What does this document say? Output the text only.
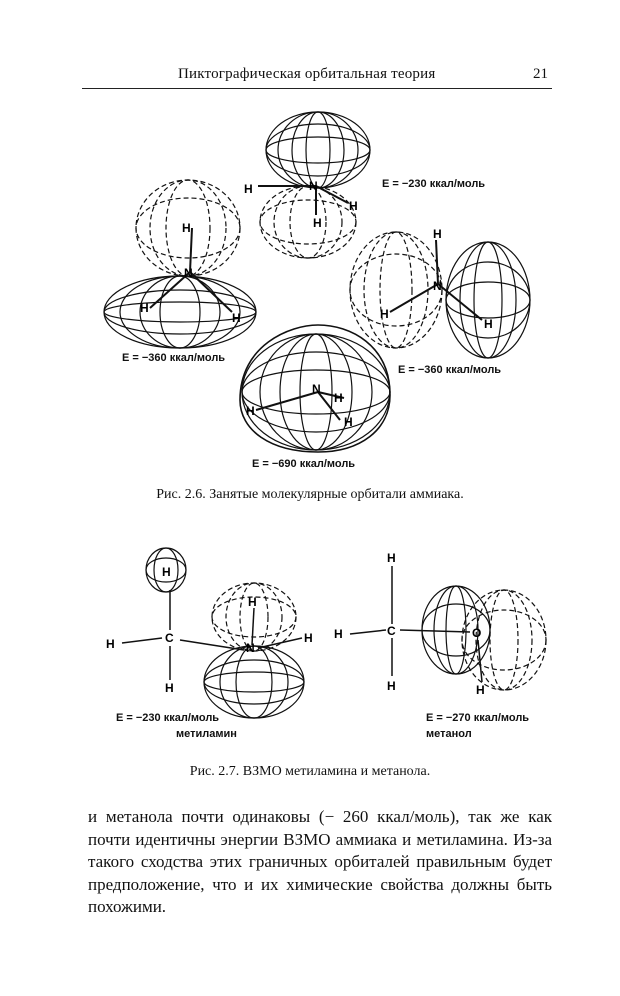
Пиктографическая орбитальная теория	21
H	N
H
H
H
N
H
H
H
N
H
H
N
H
H
H
H
H	C
H
N
H
H
H
H	C
H
O
H
E = −230 ккал/моль
E = −360 ккал/моль
E = −360 ккал/моль
E = −690 ккал/моль
Рис. 2.6. Занятые молекулярные орбитали аммиака.
E = −230 ккал/моль
метиламин
E = −270 ккал/моль
метанол
Рис. 2.7. ВЗМО метиламина и метанола.
и метанола почти одинаковы (− 260 ккал/моль), так же как почти идентичны энергии ВЗМО аммиака и метиламина. Из-за такого сходства этих граничных орбиталей правильным будет предположение, что и их химические свойства должны быть похожими.
